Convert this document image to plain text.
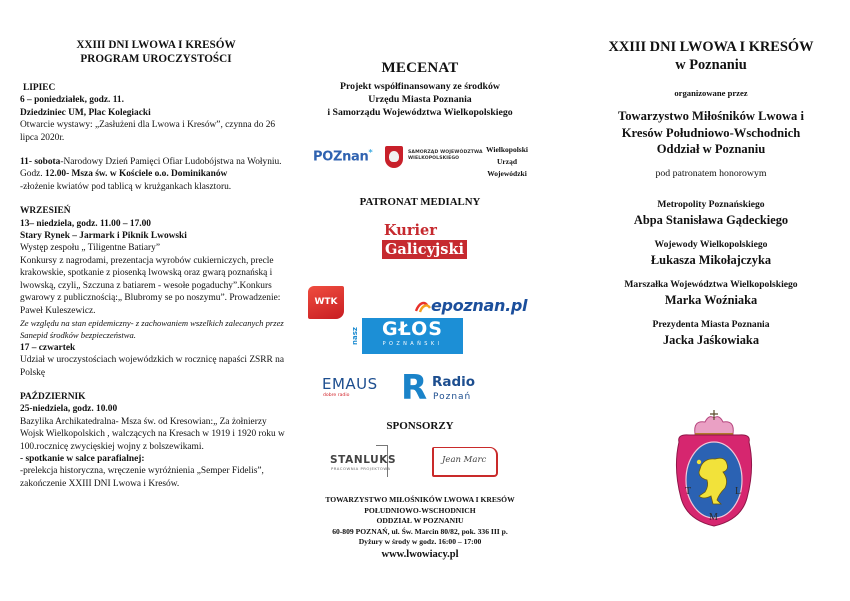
XXIII DNI LWOWA I KRESÓW
PROGRAM UROCZYSTOŚCI

LIPIEC

6 – poniedziałek, godz. 11.

Dziedziniec UM, Plac Kolegiacki

Otwarcie wystawy: „Zasłużeni dla Lwowa i Kresów”, czynna do 26 lipca 2020r.

11- sobota-Narodowy Dzień Pamięci Ofiar Ludobójstwa na Wołyniu.

Godz. 12.00- Msza św. w Kościele o.o. Dominikanów

-złożenie kwiatów pod tablicą w krużgankach klasztoru.

WRZESIEŃ

13– niedziela, godz. 11.00 – 17.00

Stary Rynek – Jarmark i Piknik Lwowski

Występ zespołu „ Tiligentne Batiary”

Konkursy z nagrodami, prezentacja wyrobów cukierniczych, precle krakowskie, spotkanie z piosenką lwowską oraz gwarą poznańską i lwowską, czyli„ Szczuna z batiarem - wesołe pogaduchy”.Konkurs gwarowy z publicznością:„ Blubromy se po noszymu”. Prowadzenie: Paweł Kuleszewicz.

Ze względu na stan epidemiczny- z zachowaniem wszelkich zalecanych przez Sanepid środków bezpieczeństwa.

17 – czwartek

Udział w uroczystościach wojewódzkich w rocznicę napaści ZSRR na Polskę

PAŹDZIERNIK

25-niedziela, godz. 10.00

Bazylika Archikatedralna- Msza św. od Kresowian:„ Za żołnierzy Wojsk Wielkopolskich , walczących na Kresach w 1919 i 1920 roku w 100.rocznicę zwycięskiej wojny z bolszewikami.

- spotkanie w salce parafialnej:

-prelekcja historyczna, wręczenie wyróżnienia „Semper Fidelis”, zakończenie XXIII DNI Lwowa i Kresów.

MECENAT
Projekt współfinansowany ze środków
Urzędu Miasta Poznania
i Samorządu Województwa Wielkopolskiego
POZnan*	SAMORZĄD WOJEWÓDZTWA
WIELKOPOLSKIEGO
Wielkopolski
Urząd
Wojewódzki
PATRONAT MEDIALNY
Kurier
Galicyjski
WTK	epoznan.pl
nasz	GŁOS
POZNAŃSKI
EMAUS
dobre radio R Radio
Poznań
SPONSORZY
STANLUKS
PRACOWNIA PROJEKTOWA
Jean Marc
TOWARZYSTWO MIŁOŚNIKÓW LWOWA I KRESÓW
POŁUDNIOWO-WSCHODNICH
ODDZIAŁ W POZNANIU
60-809 POZNAŃ, ul. Św. Marcin 80/82, pok. 336 III p.
Dyżury w środy w godz. 16:00 – 17:00
www.lwowiacy.pl
XXIII DNI LWOWA I KRESÓW
w Poznaniu
organizowane przez
Towarzystwo Miłośników Lwowa i
Kresów Południowo-Wschodnich
Oddział w Poznaniu
pod patronatem honorowym
Metropolity Poznańskiego
Abpa Stanisława Gądeckiego
Wojewody Wielkopolskiego
Łukasza Mikołajczyka
Marszałka Województwa Wielkopolskiego
Marka Woźniaka
Prezydenta Miasta Poznania
Jacka Jaśkowiaka
T	L
M
